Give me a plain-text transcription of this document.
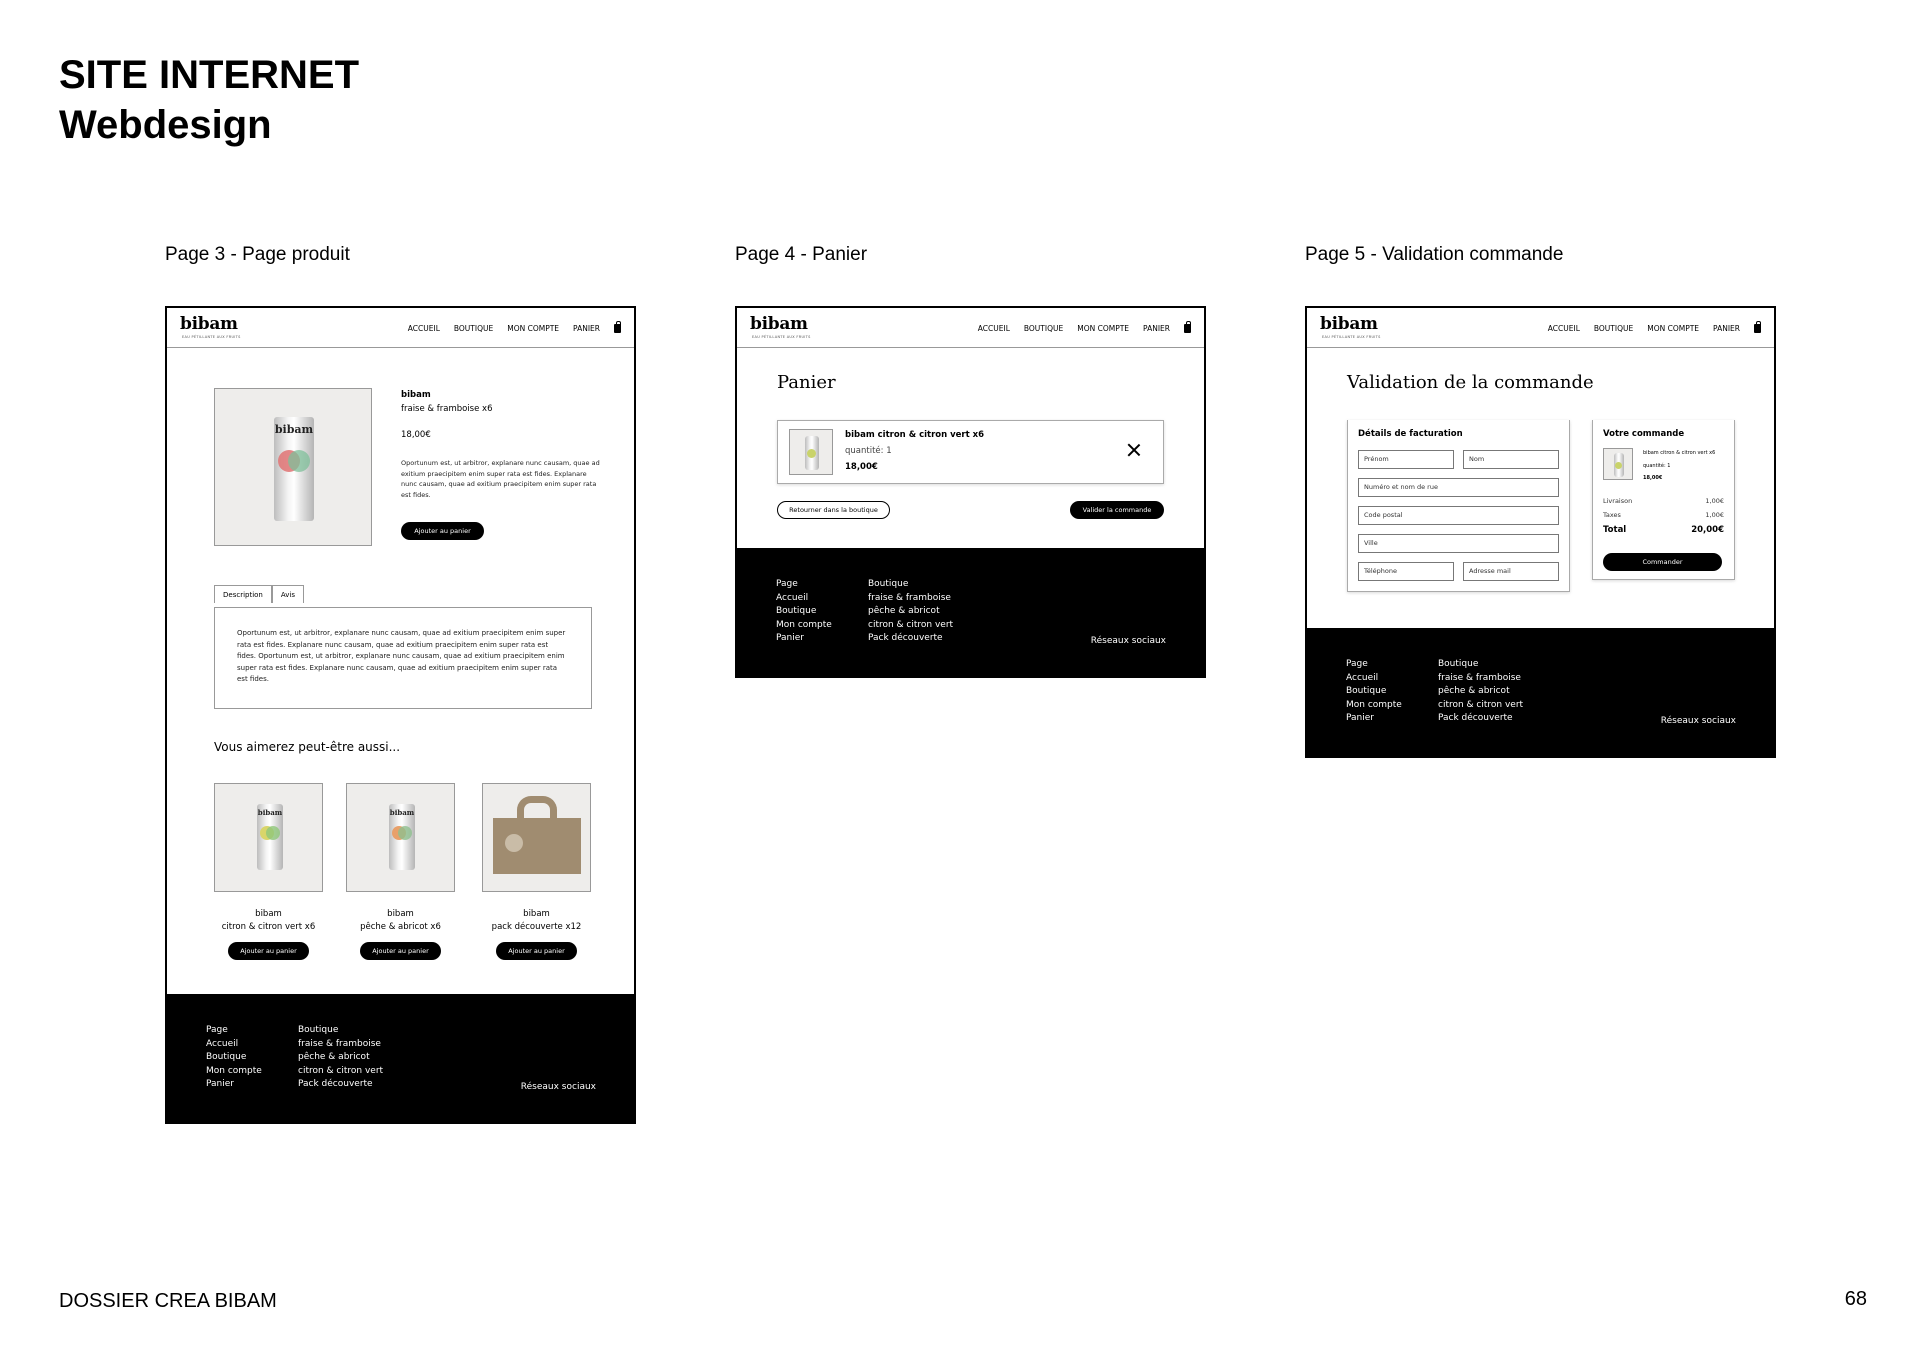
SITE INTERNET
Webdesign
Page 3 - Page produit	Page 4 - Panier	Page 5 - Validation commande
bibam
EAU PÉTILLANTE AUX FRUITS
ACCUEIL BOUTIQUE MON COMPTE PANIER
bibam
bibam
fraise & framboise x6
18,00€
Oportunum est, ut arbitror, explanare nunc causam, quae ad exitium praecipitem enim super rata est fides. Explanare nunc causam, quae ad exitium praecipitem enim super rata est fides.
Ajouter au panier
Description	Avis
Oportunum est, ut arbitror, explanare nunc causam, quae ad exitium praecipitem enim super rata est fides. Explanare nunc causam, quae ad exitium praecipitem enim super rata est fides. Oportunum est, ut arbitror, explanare nunc causam, quae ad exitium praecipitem enim super rata est fides. Explanare nunc causam, quae ad exitium praecipitem enim super rata est fides.
Vous aimerez peut-être aussi...
bibam
bibam
citron & citron vert x6
Ajouter au panier
bibam
bibam
pêche & abricot x6
Ajouter au panier
bibam
pack découverte x12
Ajouter au panier
Page
Accueil
Boutique
Mon compte
Panier
Boutique
fraise & framboise
pêche & abricot
citron & citron vert
Pack découverte	Réseaux sociaux
bibam
EAU PÉTILLANTE AUX FRUITS
ACCUEIL BOUTIQUE MON COMPTE PANIER
Panier
bibam citron & citron vert x6
quantité: 1
18,00€
Retourner dans la boutique	Valider la commande
Page
Accueil
Boutique
Mon compte
Panier
Boutique
fraise & framboise
pêche & abricot
citron & citron vert
Pack découverte	Réseaux sociaux
bibam
EAU PÉTILLANTE AUX FRUITS
ACCUEIL BOUTIQUE MON COMPTE PANIER
Validation de la commande
Détails de facturation
Prénom	Nom
Numéro et nom de rue
Code postal
Ville
Téléphone	Adresse mail
Votre commande
bibam citron & citron vert x6
quantité: 1
18,00€
Livraison	1,00€
Taxes	1,00€
Total	20,00€
Commander
Page
Accueil
Boutique
Mon compte
Panier
Boutique
fraise & framboise
pêche & abricot
citron & citron vert
Pack découverte	Réseaux sociaux
DOSSIER CREA BIBAM	68
